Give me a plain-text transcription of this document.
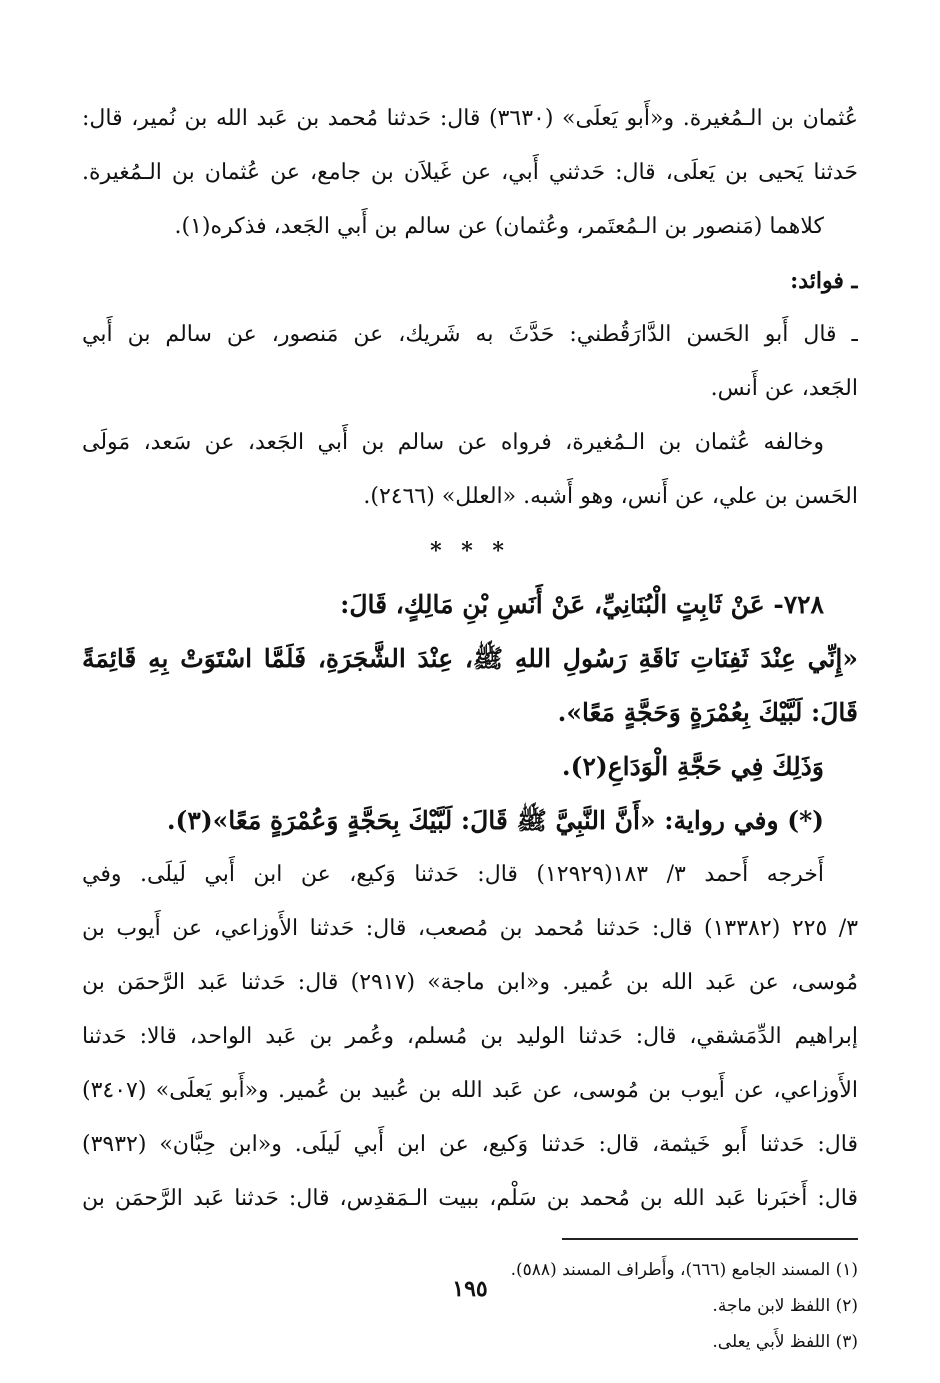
عُثمان بن الـمُغيرة. و«أَبو يَعلَى» (٣٦٣٠) قال: حَدثنا مُحمد بن عَبد الله بن نُمير، قال:
حَدثنا يَحيى بن يَعلَى، قال: حَدثني أَبي، عن غَيلاَن بن جامع، عن عُثمان بن الـمُغيرة.
كلاهما (مَنصور بن الـمُعتَمر، وعُثمان) عن سالم بن أَبي الجَعد، فذكره(١).
ـ فوائد:
ـ قال أَبو الحَسن الدَّارَقُطني: حَدَّثَ به شَريك، عن مَنصور، عن سالم بن أَبي
الجَعد، عن أَنس.
وخالفه عُثمان بن الـمُغيرة، فرواه عن سالم بن أَبي الجَعد، عن سَعد، مَولَى
الحَسن بن علي، عن أَنس، وهو أَشبه. «العلل» (٢٤٦٦).
* * *
٧٢٨- عَنْ ثَابِتٍ الْبُنَانِيِّ، عَنْ أَنَسِ بْنِ مَالِكٍ، قَالَ:
«إِنِّي عِنْدَ ثَفِنَاتِ نَاقَةِ رَسُولِ اللهِ ﷺ، عِنْدَ الشَّجَرَةِ، فَلَمَّا اسْتَوَتْ بِهِ قَائِمَةً
قَالَ: لَبَّيْكَ بِعُمْرَةٍ وَحَجَّةٍ مَعًا».
وَذَلِكَ فِي حَجَّةِ الْوَدَاعِ(٢).
(*) وفي رواية: «أَنَّ النَّبِيَّ ﷺ قَالَ: لَبَّيْكَ بِحَجَّةٍ وَعُمْرَةٍ مَعًا»(٣).
أَخرجه أَحمد ٣/ ١٨٣(١٢٩٢٩) قال: حَدثنا وَكيع، عن ابن أَبي لَيلَى. وفي
٣/ ٢٢٥ (١٣٣٨٢) قال: حَدثنا مُحمد بن مُصعب، قال: حَدثنا الأَوزاعي، عن أَيوب بن
مُوسى، عن عَبد الله بن عُمير. و«ابن ماجة» (٢٩١٧) قال: حَدثنا عَبد الرَّحمَن بن
إبراهيم الدِّمَشقي، قال: حَدثنا الوليد بن مُسلم، وعُمر بن عَبد الواحد، قالا: حَدثنا
الأَوزاعي، عن أَيوب بن مُوسى، عن عَبد الله بن عُبيد بن عُمير. و«أَبو يَعلَى» (٣٤٠٧)
قال: حَدثنا أَبو خَيثمة، قال: حَدثنا وَكيع، عن ابن أَبي لَيلَى. و«ابن حِبَّان» (٣٩٣٢)
قال: أَخبَرنا عَبد الله بن مُحمد بن سَلْم، ببيت الـمَقدِس، قال: حَدثنا عَبد الرَّحمَن بن
(١) المسند الجامع (٦٦٦)، وأَطراف المسند (٥٨٨).
(٢) اللفظ لابن ماجة.
(٣) اللفظ لأَبي يعلى.
١٩٥
